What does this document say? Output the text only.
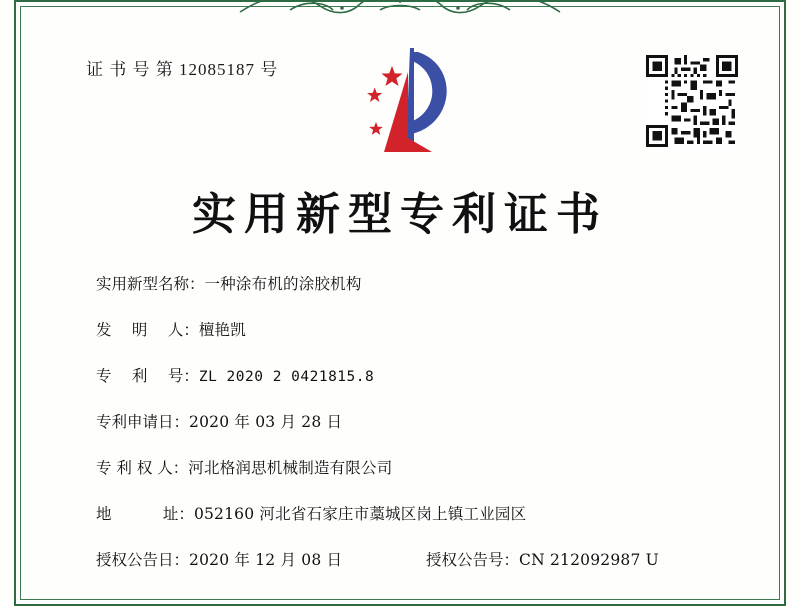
证 书 号 第 12085187 号
实用新型专利证书
实用新型名称： 一种涂布机的涂胶机构
发　 明　 人： 檀艳凯
专　 利　 号： ZL 2020 2 0421815.8
专利申请日： 2020 年 03 月 28 日
专 利 权 人： 河北格润思机械制造有限公司
地　　　 址： 052160 河北省石家庄市藁城区岗上镇工业园区
授权公告日： 2020 年 12 月 08 日	授权公告号： CN 212092987 U
